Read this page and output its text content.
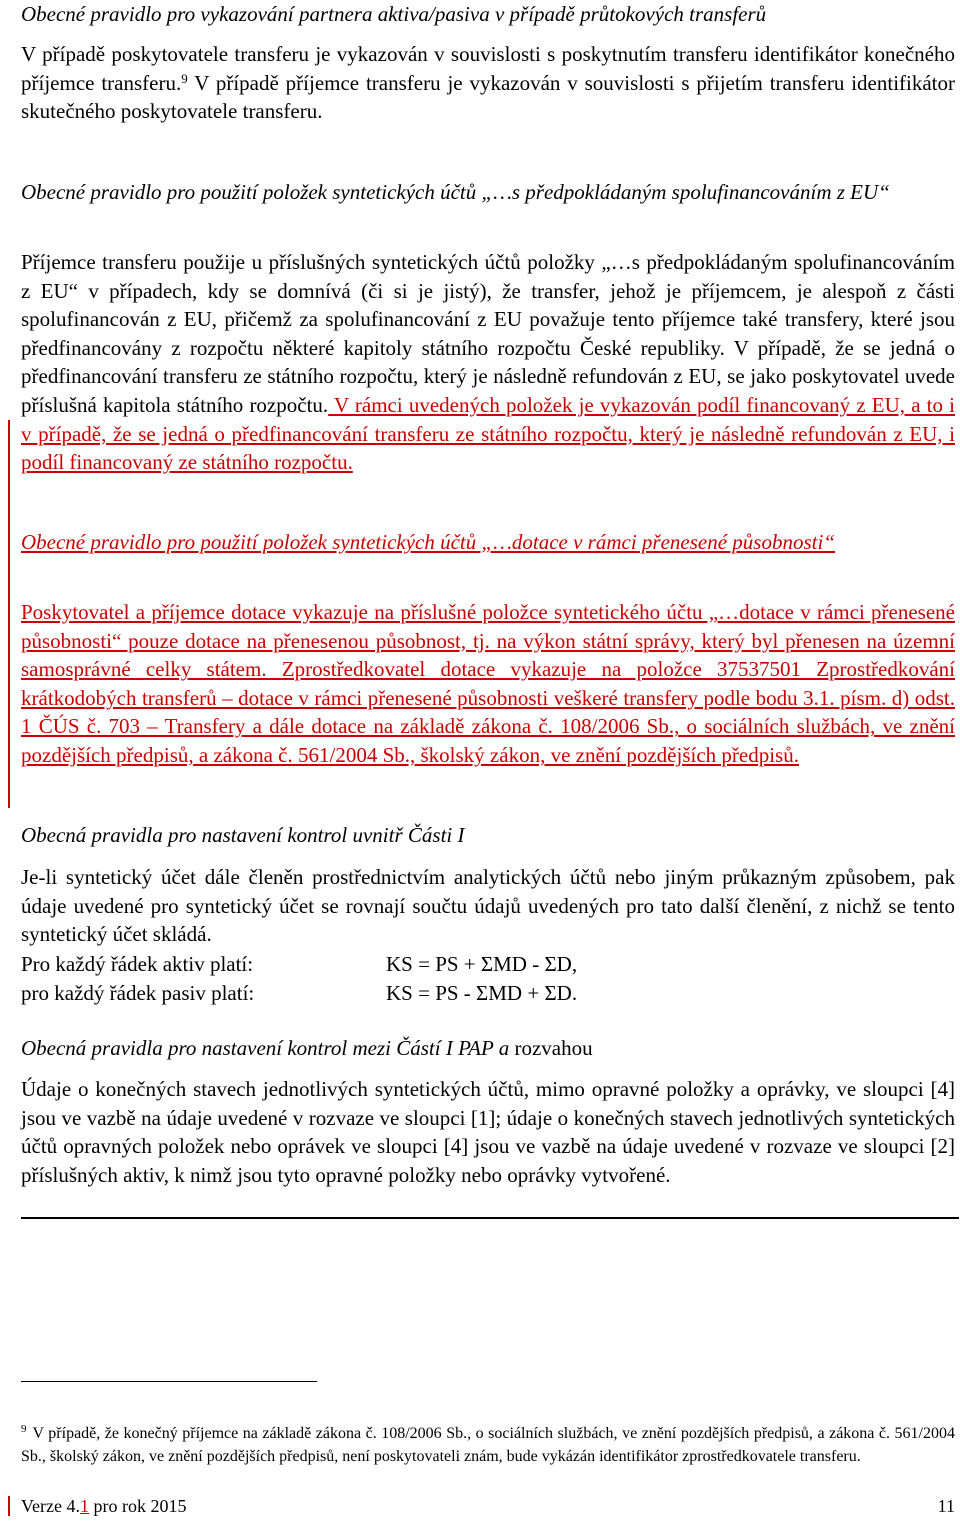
Obecné pravidlo pro vykazování partnera aktiva/pasiva v případě průtokových transferů
V případě poskytovatele transferu je vykazován v souvislosti s poskytnutím transferu identifikátor konečného příjemce transferu.$^9$ V případě příjemce transferu je vykazován v souvislosti s přijetím transferu identifikátor skutečného poskytovatele transferu.
Obecné pravidlo pro použití položek syntetických účtů „…s předpokládaným spolufinancováním z EU“
Příjemce transferu použije u příslušných syntetických účtů položky „…s předpokládaným spolufinancováním z EU“ v případech, kdy se domnívá (či si je jistý), že transfer, jehož je příjemcem, je alespoň z části spolufinancován z EU, přičemž za spolufinancování z EU považuje tento příjemce také transfery, které jsou předfinancovány z rozpočtu některé kapitoly státního rozpočtu České republiky. V případě, že se jedná o předfinancování transferu ze státního rozpočtu, který je následně refundován z EU, se jako poskytovatel uvede příslušná kapitola státního rozpočtu. V rámci uvedených položek je vykazován podíl financovaný z EU, a to i v případě, že se jedná o předfinancování transferu ze státního rozpočtu, který je následně refundován z EU, i podíl financovaný ze státního rozpočtu.
Obecné pravidlo pro použití položek syntetických účtů „…dotace v rámci přenesené působnosti“
Poskytovatel a příjemce dotace vykazuje na příslušné položce syntetického účtu „…dotace v rámci přenesené působnosti“ pouze dotace na přenesenou působnost, tj. na výkon státní správy, který byl přenesen na územní samosprávné celky státem. Zprostředkovatel dotace vykazuje na položce 37537501 Zprostředkování krátkodobých transferů – dotace v rámci přenesené působnosti veškeré transfery podle bodu 3.1. písm. d) odst. 1 ČÚS č. 703 – Transfery a dále dotace na základě zákona č. 108/2006 Sb., o sociálních službách, ve znění pozdějších předpisů, a zákona č. 561/2004 Sb., školský zákon, ve znění pozdějších předpisů.
Obecná pravidla pro nastavení kontrol uvnitř Části I
Je-li syntetický účet dále členěn prostřednictvím analytických účtů nebo jiným průkazným způsobem, pak údaje uvedené pro syntetický účet se rovnají součtu údajů uvedených pro tato další členění, z nichž se tento syntetický účet skládá.
Pro každý řádek aktiv platí:	KS = PS + ΣMD - ΣD,
pro každý řádek pasiv platí:	KS = PS - ΣMD + ΣD.
Obecná pravidla pro nastavení kontrol mezi Částí I PAP a rozvahou
Údaje o konečných stavech jednotlivých syntetických účtů, mimo opravné položky a oprávky, ve sloupci [4] jsou ve vazbě na údaje uvedené v rozvaze ve sloupci [1]; údaje o konečných stavech jednotlivých syntetických účtů opravných položek nebo oprávek ve sloupci [4] jsou ve vazbě na údaje uvedené v rozvaze ve sloupci [2] příslušných aktiv, k nimž jsou tyto opravné položky nebo oprávky vytvořené.
$^9$ V případě, že konečný příjemce na základě zákona č. 108/2006 Sb., o sociálních službách, ve znění pozdějších předpisů, a zákona č. 561/2004 Sb., školský zákon, ve znění pozdějších předpisů, není poskytovateli znám, bude vykázán identifikátor zprostředkovatele transferu.
Verze 4.1 pro rok 2015	11
